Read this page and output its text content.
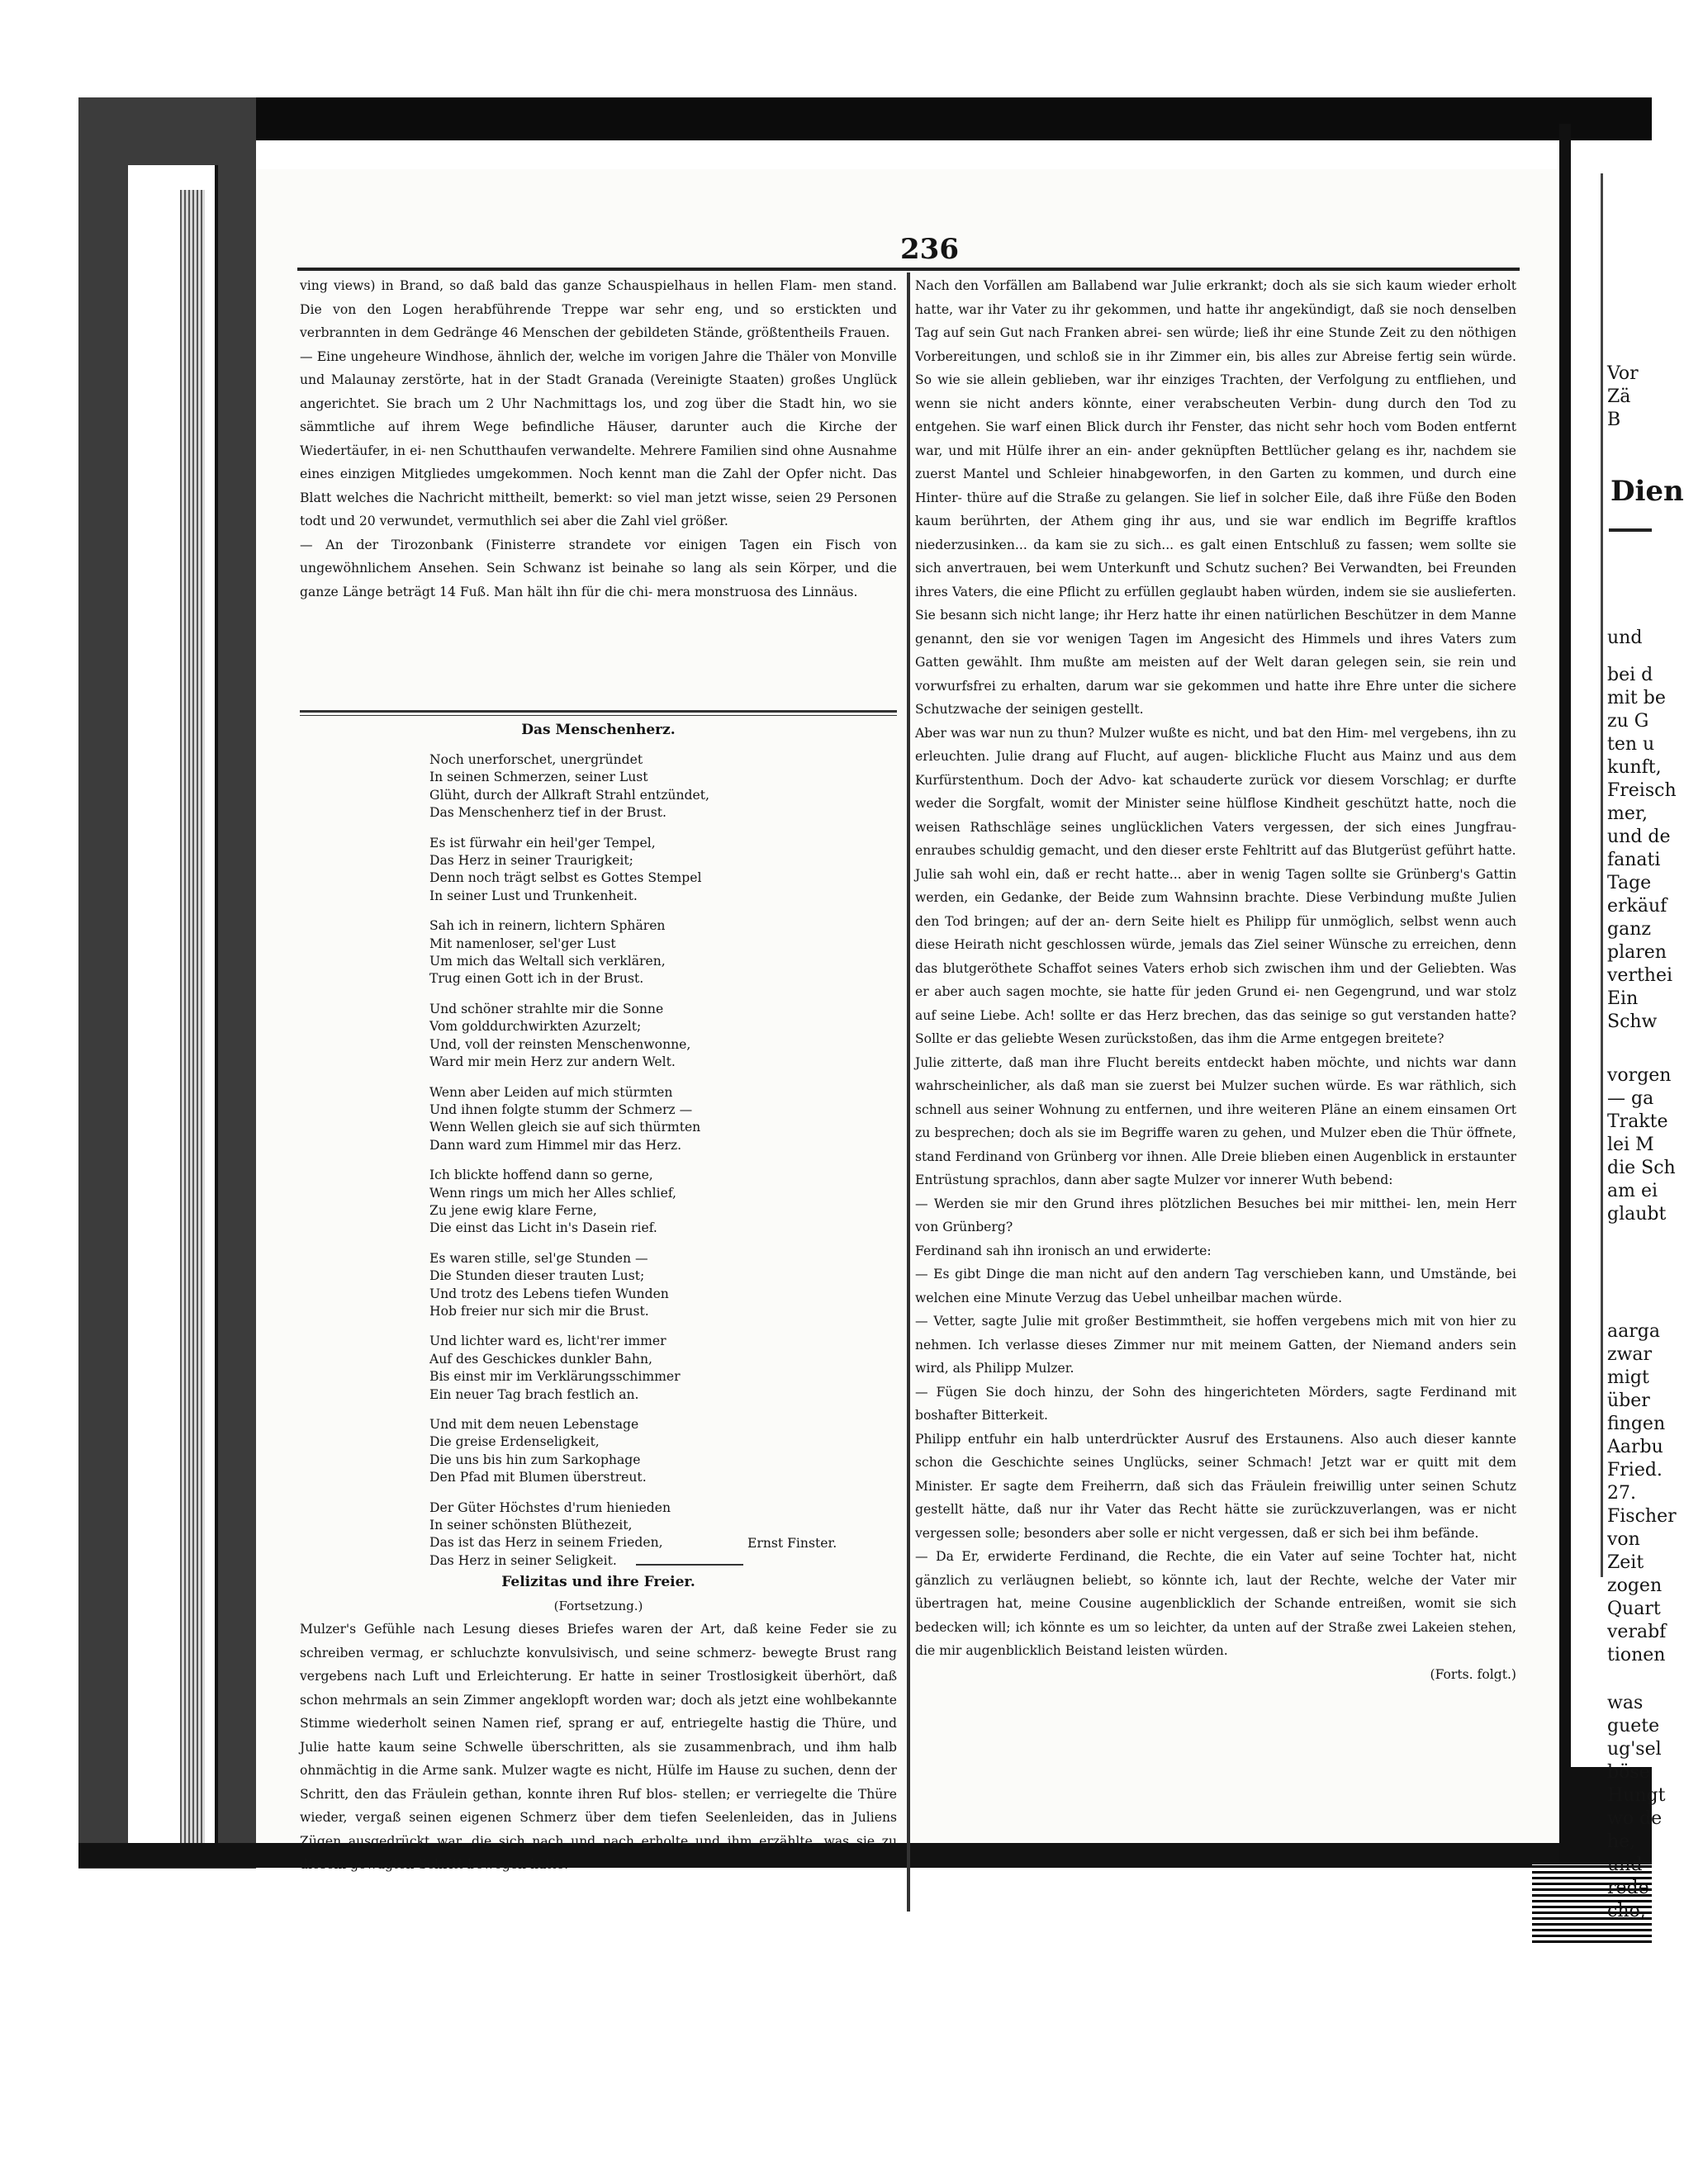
236

ving views) in Brand, so daß bald das ganze Schauspielhaus in hellen Flam- men stand. Die von den Logen herabführende Treppe war sehr eng, und so erstickten und verbrannten in dem Gedränge 46 Menschen der gebildeten Stände, größtentheils Frauen.

— Eine ungeheure Windhose, ähnlich der, welche im vorigen Jahre die Thäler von Monville und Malaunay zerstörte, hat in der Stadt Granada (Vereinigte Staaten) großes Unglück angerichtet. Sie brach um 2 Uhr Nachmittags los, und zog über die Stadt hin, wo sie sämmtliche auf ihrem Wege befindliche Häuser, darunter auch die Kirche der Wiedertäufer, in ei- nen Schutthaufen verwandelte. Mehrere Familien sind ohne Ausnahme eines einzigen Mitgliedes umgekommen. Noch kennt man die Zahl der Opfer nicht. Das Blatt welches die Nachricht mittheilt, bemerkt: so viel man jetzt wisse, seien 29 Personen todt und 20 verwundet, vermuthlich sei aber die Zahl viel größer.

— An der Tirozonbank (Finisterre strandete vor einigen Tagen ein Fisch von ungewöhnlichem Ansehen. Sein Schwanz ist beinahe so lang als sein Körper, und die ganze Länge beträgt 14 Fuß. Man hält ihn für die chi- mera monstruosa des Linnäus.

Das Menschenherz.
Noch unerforschet, unergründet
In seinen Schmerzen, seiner Lust
Glüht, durch der Allkraft Strahl entzündet,
Das Menschenherz tief in der Brust.
Es ist fürwahr ein heil'ger Tempel,
Das Herz in seiner Traurigkeit;
Denn noch trägt selbst es Gottes Stempel
In seiner Lust und Trunkenheit.
Sah ich in reinern, lichtern Sphären
Mit namenloser, sel'ger Lust
Um mich das Weltall sich verklären,
Trug einen Gott ich in der Brust.
Und schöner strahlte mir die Sonne
Vom golddurchwirkten Azurzelt;
Und, voll der reinsten Menschenwonne,
Ward mir mein Herz zur andern Welt.
Wenn aber Leiden auf mich stürmten
Und ihnen folgte stumm der Schmerz —
Wenn Wellen gleich sie auf sich thürmten
Dann ward zum Himmel mir das Herz.
Ich blickte hoffend dann so gerne,
Wenn rings um mich her Alles schlief,
Zu jene ewig klare Ferne,
Die einst das Licht in's Dasein rief.
Es waren stille, sel'ge Stunden —
Die Stunden dieser trauten Lust;
Und trotz des Lebens tiefen Wunden
Hob freier nur sich mir die Brust.
Und lichter ward es, licht'rer immer
Auf des Geschickes dunkler Bahn,
Bis einst mir im Verklärungsschimmer
Ein neuer Tag brach festlich an.
Und mit dem neuen Lebenstage
Die greise Erdenseligkeit,
Die uns bis hin zum Sarkophage
Den Pfad mit Blumen überstreut.
Der Güter Höchstes d'rum hienieden
In seiner schönsten Blüthezeit,
Das ist das Herz in seinem Frieden,
Das Herz in seiner Seligkeit.
Ernst Finster.
Felizitas und ihre Freier.
(Fortsetzung.)

Mulzer's Gefühle nach Lesung dieses Briefes waren der Art, daß keine Feder sie zu schreiben vermag, er schluchzte konvulsivisch, und seine schmerz- bewegte Brust rang vergebens nach Luft und Erleichterung. Er hatte in seiner Trostlosigkeit überhört, daß schon mehrmals an sein Zimmer angeklopft worden war; doch als jetzt eine wohlbekannte Stimme wiederholt seinen Namen rief, sprang er auf, entriegelte hastig die Thüre, und Julie hatte kaum seine Schwelle überschritten, als sie zusammenbrach, und ihm halb ohnmächtig in die Arme sank. Mulzer wagte es nicht, Hülfe im Hause zu suchen, denn der Schritt, den das Fräulein gethan, konnte ihren Ruf blos- stellen; er verriegelte die Thüre wieder, vergaß seinen eigenen Schmerz über dem tiefen Seelenleiden, das in Juliens Zügen ausgedrückt war, die sich nach und nach erholte und ihm erzählte, was sie zu diesem gewagten Schritt bewogen hatte.

Nach den Vorfällen am Ballabend war Julie erkrankt; doch als sie sich kaum wieder erholt hatte, war ihr Vater zu ihr gekommen, und hatte ihr angekündigt, daß sie noch denselben Tag auf sein Gut nach Franken abrei- sen würde; ließ ihr eine Stunde Zeit zu den nöthigen Vorbereitungen, und schloß sie in ihr Zimmer ein, bis alles zur Abreise fertig sein würde. So wie sie allein geblieben, war ihr einziges Trachten, der Verfolgung zu entfliehen, und wenn sie nicht anders könnte, einer verabscheuten Verbin- dung durch den Tod zu entgehen. Sie warf einen Blick durch ihr Fenster, das nicht sehr hoch vom Boden entfernt war, und mit Hülfe ihrer an ein- ander geknüpften Bettlücher gelang es ihr, nachdem sie zuerst Mantel und Schleier hinabgeworfen, in den Garten zu kommen, und durch eine Hinter- thüre auf die Straße zu gelangen. Sie lief in solcher Eile, daß ihre Füße den Boden kaum berührten, der Athem ging ihr aus, und sie war endlich im Begriffe kraftlos niederzusinken... da kam sie zu sich... es galt einen Entschluß zu fassen; wem sollte sie sich anvertrauen, bei wem Unterkunft und Schutz suchen? Bei Verwandten, bei Freunden ihres Vaters, die eine Pflicht zu erfüllen geglaubt haben würden, indem sie sie auslieferten. Sie besann sich nicht lange; ihr Herz hatte ihr einen natürlichen Beschützer in dem Manne genannt, den sie vor wenigen Tagen im Angesicht des Himmels und ihres Vaters zum Gatten gewählt. Ihm mußte am meisten auf der Welt daran gelegen sein, sie rein und vorwurfsfrei zu erhalten, darum war sie gekommen und hatte ihre Ehre unter die sichere Schutzwache der seinigen gestellt.

Aber was war nun zu thun? Mulzer wußte es nicht, und bat den Him- mel vergebens, ihn zu erleuchten. Julie drang auf Flucht, auf augen- blickliche Flucht aus Mainz und aus dem Kurfürstenthum. Doch der Advo- kat schauderte zurück vor diesem Vorschlag; er durfte weder die Sorgfalt, womit der Minister seine hülflose Kindheit geschützt hatte, noch die weisen Rathschläge seines unglücklichen Vaters vergessen, der sich eines Jungfrau- enraubes schuldig gemacht, und den dieser erste Fehltritt auf das Blutgerüst geführt hatte.

Julie sah wohl ein, daß er recht hatte... aber in wenig Tagen sollte sie Grünberg's Gattin werden, ein Gedanke, der Beide zum Wahnsinn brachte. Diese Verbindung mußte Julien den Tod bringen; auf der an- dern Seite hielt es Philipp für unmöglich, selbst wenn auch diese Heirath nicht geschlossen würde, jemals das Ziel seiner Wünsche zu erreichen, denn das blutgeröthete Schaffot seines Vaters erhob sich zwischen ihm und der Geliebten. Was er aber auch sagen mochte, sie hatte für jeden Grund ei- nen Gegengrund, und war stolz auf seine Liebe. Ach! sollte er das Herz brechen, das das seinige so gut verstanden hatte? Sollte er das geliebte Wesen zurückstoßen, das ihm die Arme entgegen breitete?

Julie zitterte, daß man ihre Flucht bereits entdeckt haben möchte, und nichts war dann wahrscheinlicher, als daß man sie zuerst bei Mulzer suchen würde. Es war räthlich, sich schnell aus seiner Wohnung zu entfernen, und ihre weiteren Pläne an einem einsamen Ort zu besprechen; doch als sie im Begriffe waren zu gehen, und Mulzer eben die Thür öffnete, stand Ferdinand von Grünberg vor ihnen. Alle Dreie blieben einen Augenblick in erstaunter Entrüstung sprachlos, dann aber sagte Mulzer vor innerer Wuth bebend:

— Werden sie mir den Grund ihres plötzlichen Besuches bei mir mitthei- len, mein Herr von Grünberg?

Ferdinand sah ihn ironisch an und erwiderte:

— Es gibt Dinge die man nicht auf den andern Tag verschieben kann, und Umstände, bei welchen eine Minute Verzug das Uebel unheilbar machen würde.

— Vetter, sagte Julie mit großer Bestimmtheit, sie hoffen vergebens mich mit von hier zu nehmen. Ich verlasse dieses Zimmer nur mit meinem Gatten, der Niemand anders sein wird, als Philipp Mulzer.

— Fügen Sie doch hinzu, der Sohn des hingerichteten Mörders, sagte Ferdinand mit boshafter Bitterkeit.

Philipp entfuhr ein halb unterdrückter Ausruf des Erstaunens. Also auch dieser kannte schon die Geschichte seines Unglücks, seiner Schmach! Jetzt war er quitt mit dem Minister. Er sagte dem Freiherrn, daß sich das Fräulein freiwillig unter seinen Schutz gestellt hätte, daß nur ihr Vater das Recht hätte sie zurückzuverlangen, was er nicht vergessen solle; besonders aber solle er nicht vergessen, daß er sich bei ihm befände.

— Da Er, erwiderte Ferdinand, die Rechte, die ein Vater auf seine Tochter hat, nicht gänzlich zu verläugnen beliebt, so könnte ich, laut der Rechte, welche der Vater mir übertragen hat, meine Cousine augenblicklich der Schande entreißen, womit sie sich bedecken will; ich könnte es um so leichter, da unten auf der Straße zwei Lakeien stehen, die mir augenblicklich Beistand leisten würden.

(Forts. folgt.)

Vor
Zä
B
Dien
und
bei d
mit be
zu G
ten u
kunft,
Freisch
mer,
und de
fanati
Tage
erkäuf
ganz
plaren
verthei
Ein
Schw
vorgen
— ga
Trakte
lei M
die Sch
am ei
glaubt
aarga
zwar
migt
über
fingen
Aarbu
Fried.
27.
Fischer
von
Zeit
zogen
Quart
verabf
tionen
was
guete
ug'sel
böse
Hungt
wo de
he,
und
rede
cho,
